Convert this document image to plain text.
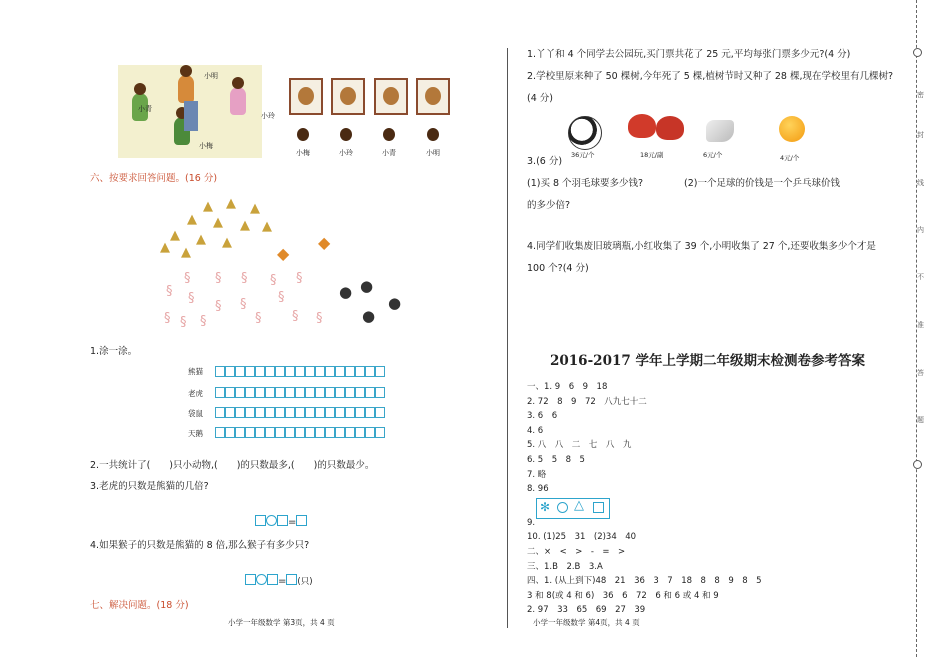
小明
小青
小玲
小梅
小梅	小玲	小青	小明
六、按要求回答问题。(16 分)
▲ ▲ ▲
▲ ▲ ▲ ▲
▲ ▲ ▲
▲ ▲	◆
◆
§ § § § §
§ §
§ § §
§ § §	§ § §
● ●
●
●
1.涂一涂。
熊猫
老虎
袋鼠
天鹅
2.一共统计了(　　)只小动物,(　　)的只数最多,(　　)的只数最少。
3.老虎的只数是熊猫的几倍?
=
4.如果猴子的只数是熊猫的 8 倍,那么猴子有多少只?
= (只)
七、解决问题。(18 分)
小学一年级数学 第3页，共 4 页
1.丫丫和 4 个同学去公园玩,买门票共花了 25 元,平均每张门票多少元?(4 分)
2.学校里原来种了 50 棵树,今年死了 5 棵,植树节时又种了 28 棵,现在学校里有几棵树?
(4 分)
36元/个	18元/副	6元/个	4元/个
3.(6 分)
(1)买 8 个羽毛球要多少钱?	(2)一个足球的价钱是一个乒乓球价钱
的多少倍?
4.同学们收集废旧玻璃瓶,小红收集了 39 个,小明收集了 27 个,还要收集多少个才是
100 个?(4 分)
2016-2017 学年上学期二年级期末检测卷参考答案
一、1. 9　6　9　18
2. 72　8　9　72　八九七十二
3. 6　6
4. 6
5. 八　八　二　七　八　九
6. 5　5　8　5
7. 略
8. 96
9.
10. (1)25　31　(2)34　40
二、×　<　>　-　=　>
三、1.B　2.B　3.A
四、1. (从上到下)48　21　36　3　7　18　8　8　9　8　5
3 和 8(或 4 和 6)　36　6　72　6 和 6 或 4 和 9
2. 97　33　65　69　27　39
✻ △
小学一年级数学 第4页，共 4 页
密
封
线
内
不
准
答
题
